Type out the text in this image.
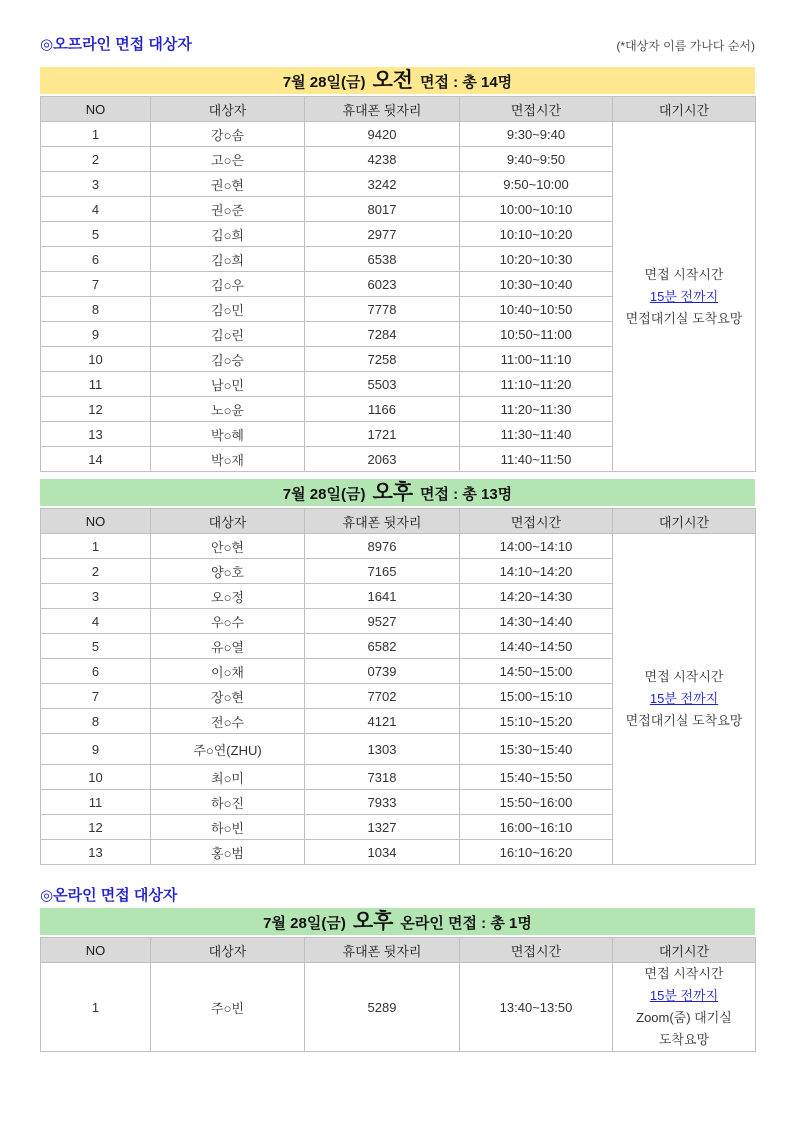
◎오프라인 면접 대상자	(*대상자 이름 가나다 순서)
7월 28일(금) 오전 면접 : 총 14명
NO	대상자	휴대폰 뒷자리	면접시간	대기시간
1	강○솜	9420	9:30~9:40	면접 시작시간
15분 전까지
면접대기실 도착요망

2	고○은	4238	9:40~9:50	
3	권○현	3242	9:50~10:00	
4	권○준	8017	10:00~10:10	
5	김○희	2977	10:10~10:20	
6	김○희	6538	10:20~10:30	
7	김○우	6023	10:30~10:40	
8	김○민	7778	10:40~10:50	
9	김○린	7284	10:50~11:00	
10	김○승	7258	11:00~11:10	
11	남○민	5503	11:10~11:20	
12	노○윤	1166	11:20~11:30	
13	박○혜	1721	11:30~11:40	
14	박○재	2063	11:40~11:50	
7월 28일(금) 오후 면접 : 총 13명
NO	대상자	휴대폰 뒷자리	면접시간	대기시간
1	안○현	8976	14:00~14:10	면접 시작시간
15분 전까지
면접대기실 도착요망

2	양○호	7165	14:10~14:20	
3	오○정	1641	14:20~14:30	
4	우○수	9527	14:30~14:40	
5	유○열	6582	14:40~14:50	
6	이○채	0739	14:50~15:00	
7	장○현	7702	15:00~15:10	
8	전○수	4121	15:10~15:20	
9	주○연(ZHU)	1303	15:30~15:40	
10	최○미	7318	15:40~15:50	
11	하○진	7933	15:50~16:00	
12	하○빈	1327	16:00~16:10	
13	홍○범	1034	16:10~16:20	
◎온라인 면접 대상자
7월 28일(금) 오후 온라인 면접 : 총 1명
NO	대상자	휴대폰 뒷자리	면접시간	대기시간
1	주○빈	5289	13:40~13:50	면접 시작시간
15분 전까지
Zoom(줌) 대기실
도착요망
